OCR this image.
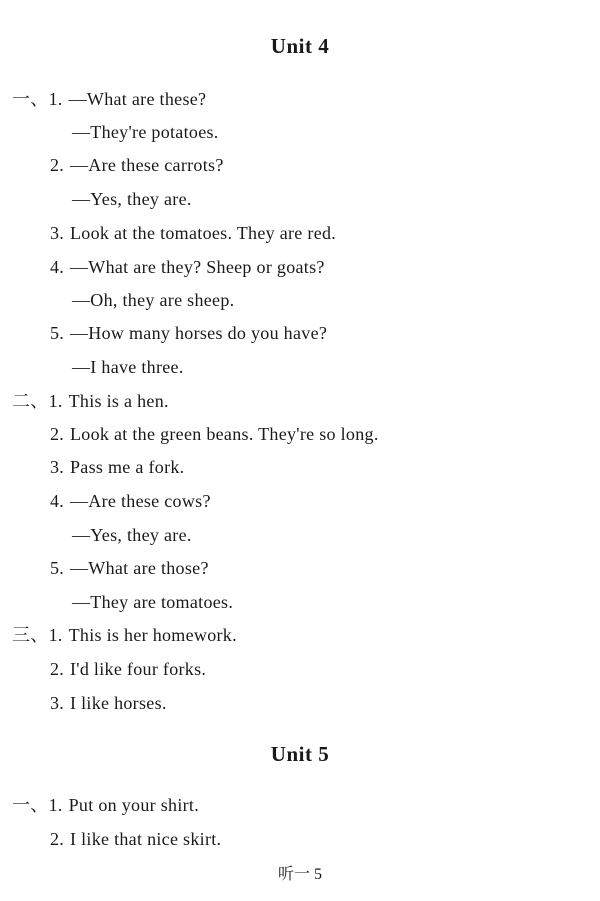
Unit 4
一、1. —What are these?
—They're potatoes.
2. —Are these carrots?
—Yes, they are.
3. Look at the tomatoes. They are red.
4. —What are they? Sheep or goats?
—Oh, they are sheep.
5. —How many horses do you have?
—I have three.
二、1. This is a hen.
2. Look at the green beans. They're so long.
3. Pass me a fork.
4. —Are these cows?
—Yes, they are.
5. —What are those?
—They are tomatoes.
三、1. This is her homework.
2. I'd like four forks.
3. I like horses.
Unit 5
一、1. Put on your shirt.
2. I like that nice skirt.
听一 5
